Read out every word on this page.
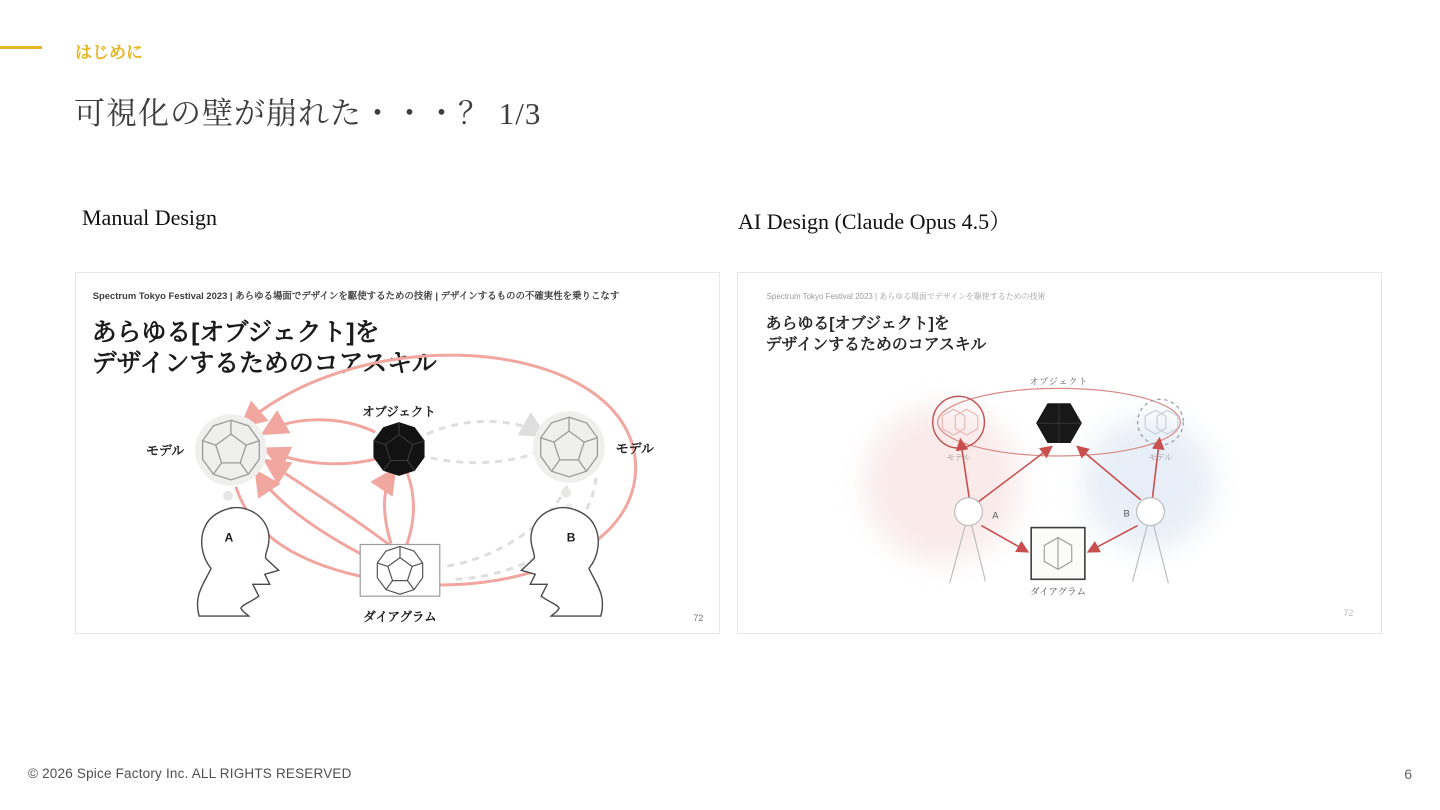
はじめに
可視化の壁が崩れた・・・？ 1/3
Manual Design	AI Design (Claude Opus 4.5）
Spectrum Tokyo Festival 2023 | あらゆる場面でデザインを駆使するための技術 | デザインするものの不確実性を乗りこなす
あらゆる[オブジェクト]を
デザインするためのコアスキル
オブジェクト
モデル	モデル
ダイアグラム
A	B
72
Spectrum Tokyo Festival 2023 | あらゆる場面でデザインを駆使するための技術
あらゆる[オブジェクト]を
デザインするためのコアスキル
オブジェクト
モデル	モデル
ダイアグラム
A	B
72
© 2026 Spice Factory Inc. ALL RIGHTS RESERVED	6
